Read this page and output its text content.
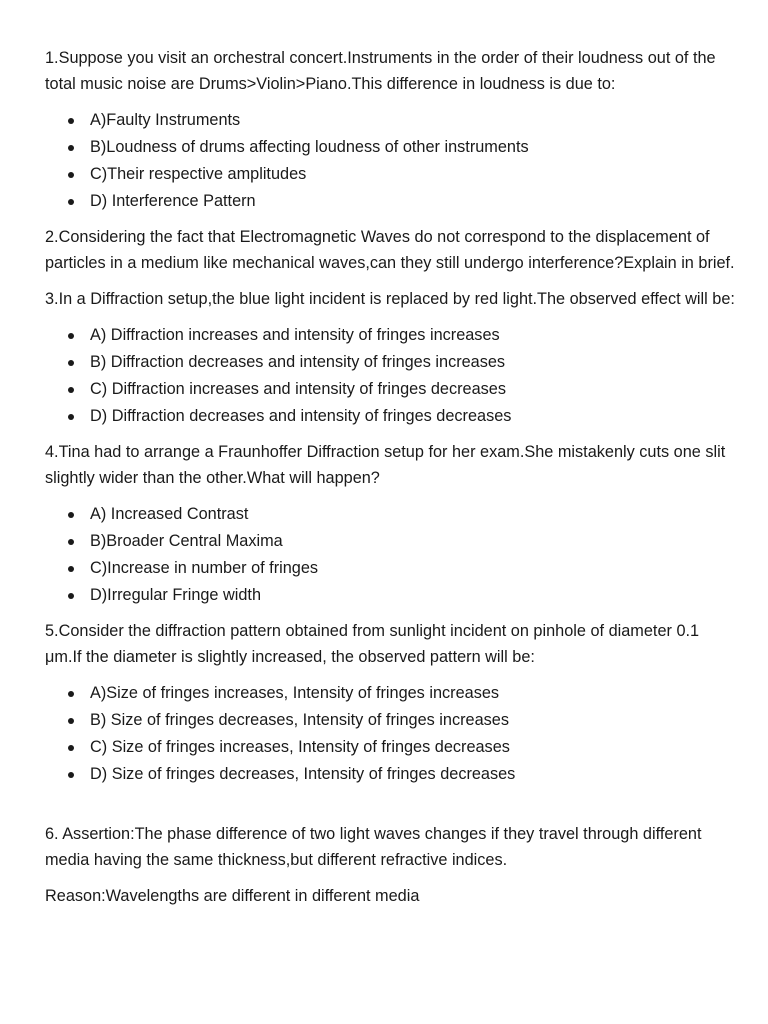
1.Suppose you visit an orchestral concert.Instruments in the order of their loudness out of the total music noise are Drums>Violin>Piano.This difference in loudness is due to:

A)Faulty Instruments
B)Loudness of drums affecting loudness of other instruments
C)Their respective amplitudes
D) Interference Pattern

2.Considering the fact that Electromagnetic Waves do not correspond to the displacement of particles in a medium like mechanical waves,can they still undergo interference?Explain in brief.

3.In a Diffraction setup,the blue light incident is replaced by red light.The observed effect will be:

A) Diffraction increases and intensity of fringes increases
B) Diffraction decreases and intensity of fringes increases
C) Diffraction increases and intensity of fringes decreases
D) Diffraction decreases and intensity of fringes decreases

4.Tina had to arrange a Fraunhoffer Diffraction setup for her exam.She mistakenly cuts one slit slightly wider than the other.What will happen?

A) Increased Contrast
B)Broader Central Maxima
C)Increase in number of fringes
D)Irregular Fringe width

5.Consider the diffraction pattern obtained from sunlight incident on pinhole of diameter 0.1 μm.If the diameter is slightly increased, the observed pattern will be:

A)Size of fringes increases, Intensity of fringes increases
B) Size of fringes decreases, Intensity of fringes increases
C) Size of fringes increases, Intensity of fringes decreases
D) Size of fringes decreases, Intensity of fringes decreases

6. Assertion:The phase difference of two light waves changes if they travel through different media having the same thickness,but different refractive indices.

Reason:Wavelengths are different in different media
